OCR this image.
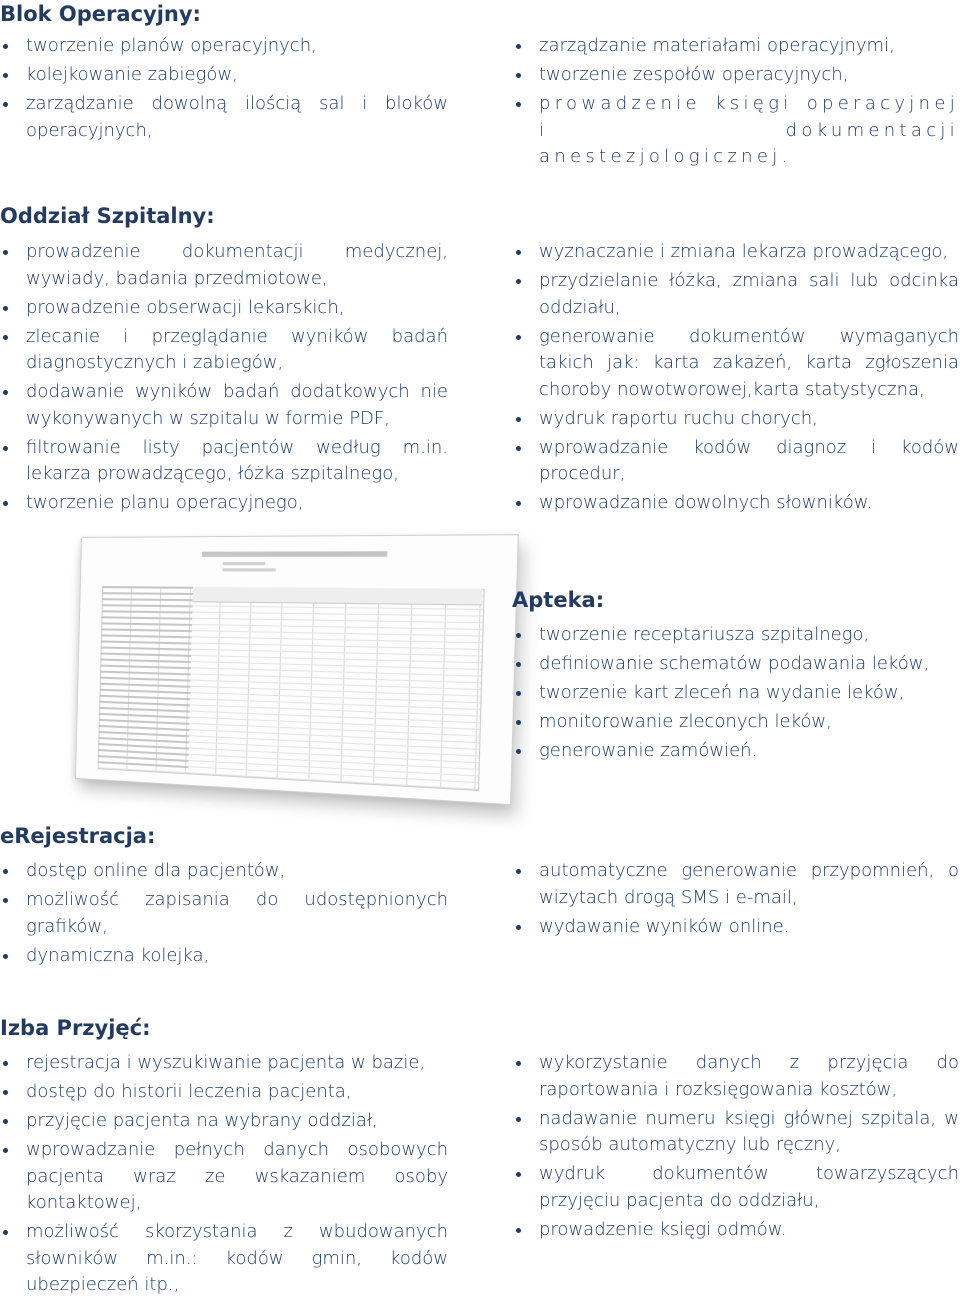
Blok Operacyjny:
tworzenie planów operacyjnych,
kolejkowanie zabiegów,
zarządzanie dowolną ilością sal i bloków operacyjnych,
zarządzanie materiałami operacyjnymi,
tworzenie zespołów operacyjnych,
prowadzenie księgi operacyjnej i dokumentacji anestezjologicznej.
Oddział Szpitalny:
prowadzenie dokumentacji medycznej, wywiady, badania przedmiotowe,
prowadzenie obserwacji lekarskich,
zlecanie i przeglądanie wyników badań diagnostycznych i zabiegów,
dodawanie wyników badań dodatkowych nie wykonywanych w szpitalu w formie PDF,
filtrowanie listy pacjentów według m.in. lekarza prowadzącego, łóżka szpitalnego,
tworzenie planu operacyjnego,
wyznaczanie i zmiana lekarza prowadzącego,
przydzielanie łóżka, zmiana sali lub odcinka oddziału,
generowanie dokumentów wymaganych takich jak: karta zakażeń, karta zgłoszenia choroby nowotworowej,karta statystyczna,
wydruk raportu ruchu chorych,
wprowadzanie kodów diagnoz i kodów procedur,
wprowadzanie dowolnych słowników.
Apteka:
tworzenie receptariusza szpitalnego,
definiowanie schematów podawania leków,
tworzenie kart zleceń na wydanie leków,
monitorowanie zleconych leków,
generowanie zamówień.
eRejestracja:
dostęp online dla pacjentów,
możliwość zapisania do udostępnionych grafików,
dynamiczna kolejka,
automatyczne generowanie przypomnień, o wizytach drogą SMS i e-mail,
wydawanie wyników online.
Izba Przyjęć:
rejestracja i wyszukiwanie pacjenta w bazie,
dostęp do historii leczenia pacjenta,
przyjęcie pacjenta na wybrany oddział,
wprowadzanie pełnych danych osobowych pacjenta wraz ze wskazaniem osoby kontaktowej,
możliwość skorzystania z wbudowanych słowników m.in.: kodów gmin, kodów ubezpieczeń itp.,
wykorzystanie danych z przyjęcia do raportowania i rozksięgowania kosztów,
nadawanie numeru księgi głównej szpitala, w sposób automatyczny lub ręczny,
wydruk dokumentów towarzyszących przyjęciu pacjenta do oddziału,
prowadzenie księgi odmów.
